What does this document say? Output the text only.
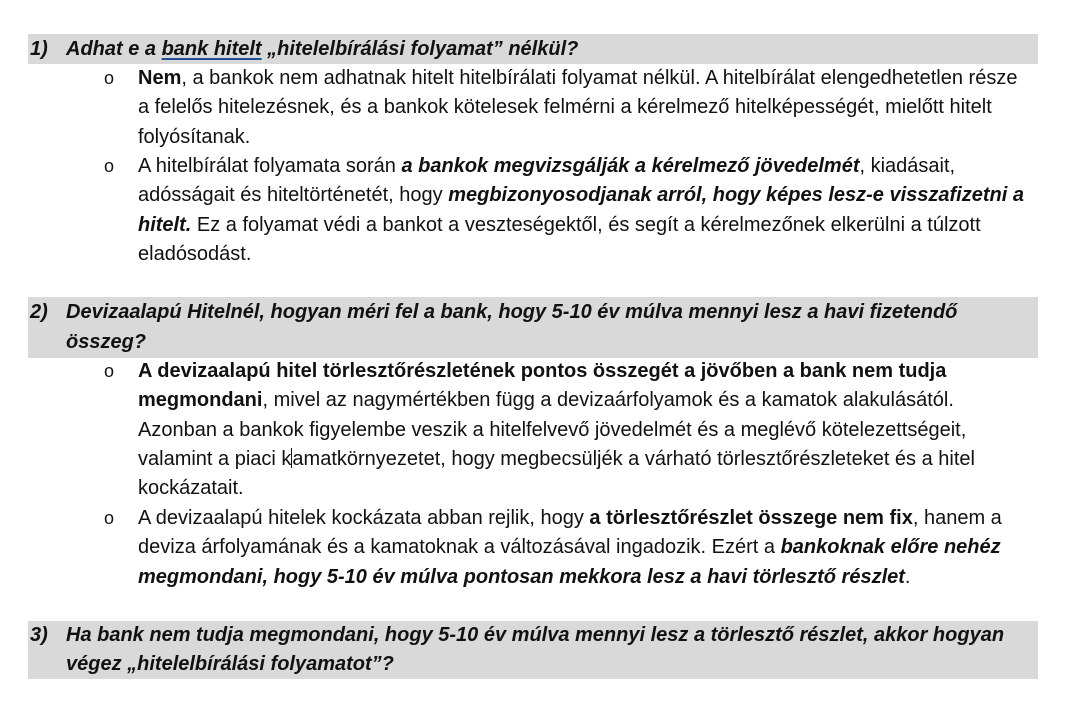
1) Adhat e a bank hitelt „hitelelbírálási folyamat” nélkül?
o Nem, a bankok nem adhatnak hitelt hitelbírálati folyamat nélkül. A hitelbírálat elengedhetetlen része a felelős hitelezésnek, és a bankok kötelesek felmérni a kérelmező hitelképességét, mielőtt hitelt folyósítanak.
o A hitelbírálat folyamata során a bankok megvizsgálják a kérelmező jövedelmét, kiadásait, adósságait és hiteltörténetét, hogy megbizonyosodjanak arról, hogy képes lesz-e visszafizetni a hitelt. Ez a folyamat védi a bankot a veszteségektől, és segít a kérelmezőnek elkerülni a túlzott eladósodást.
2) Devizaalapú Hitelnél, hogyan méri fel a bank, hogy 5-10 év múlva mennyi lesz a havi fizetendő összeg?
o A devizaalapú hitel törlesztőrészletének pontos összegét a jövőben a bank nem tudja megmondani, mivel az nagymértékben függ a devizaárfolyamok és a kamatok alakulásától. Azonban a bankok figyelembe veszik a hitelfelvevő jövedelmét és a meglévő kötelezettségeit, valamint a piaci kamatkörnyezetet, hogy megbecsüljék a várható törlesztőrészleteket és a hitel kockázatait.
o A devizaalapú hitelek kockázata abban rejlik, hogy a törlesztőrészlet összege nem fix, hanem a deviza árfolyamának és a kamatoknak a változásával ingadozik. Ezért a bankoknak előre nehéz megmondani, hogy 5-10 év múlva pontosan mekkora lesz a havi törlesztő részlet.
3) Ha bank nem tudja megmondani, hogy 5-10 év múlva mennyi lesz a törlesztő részlet, akkor hogyan végez „hitelelbírálási folyamatot”?
